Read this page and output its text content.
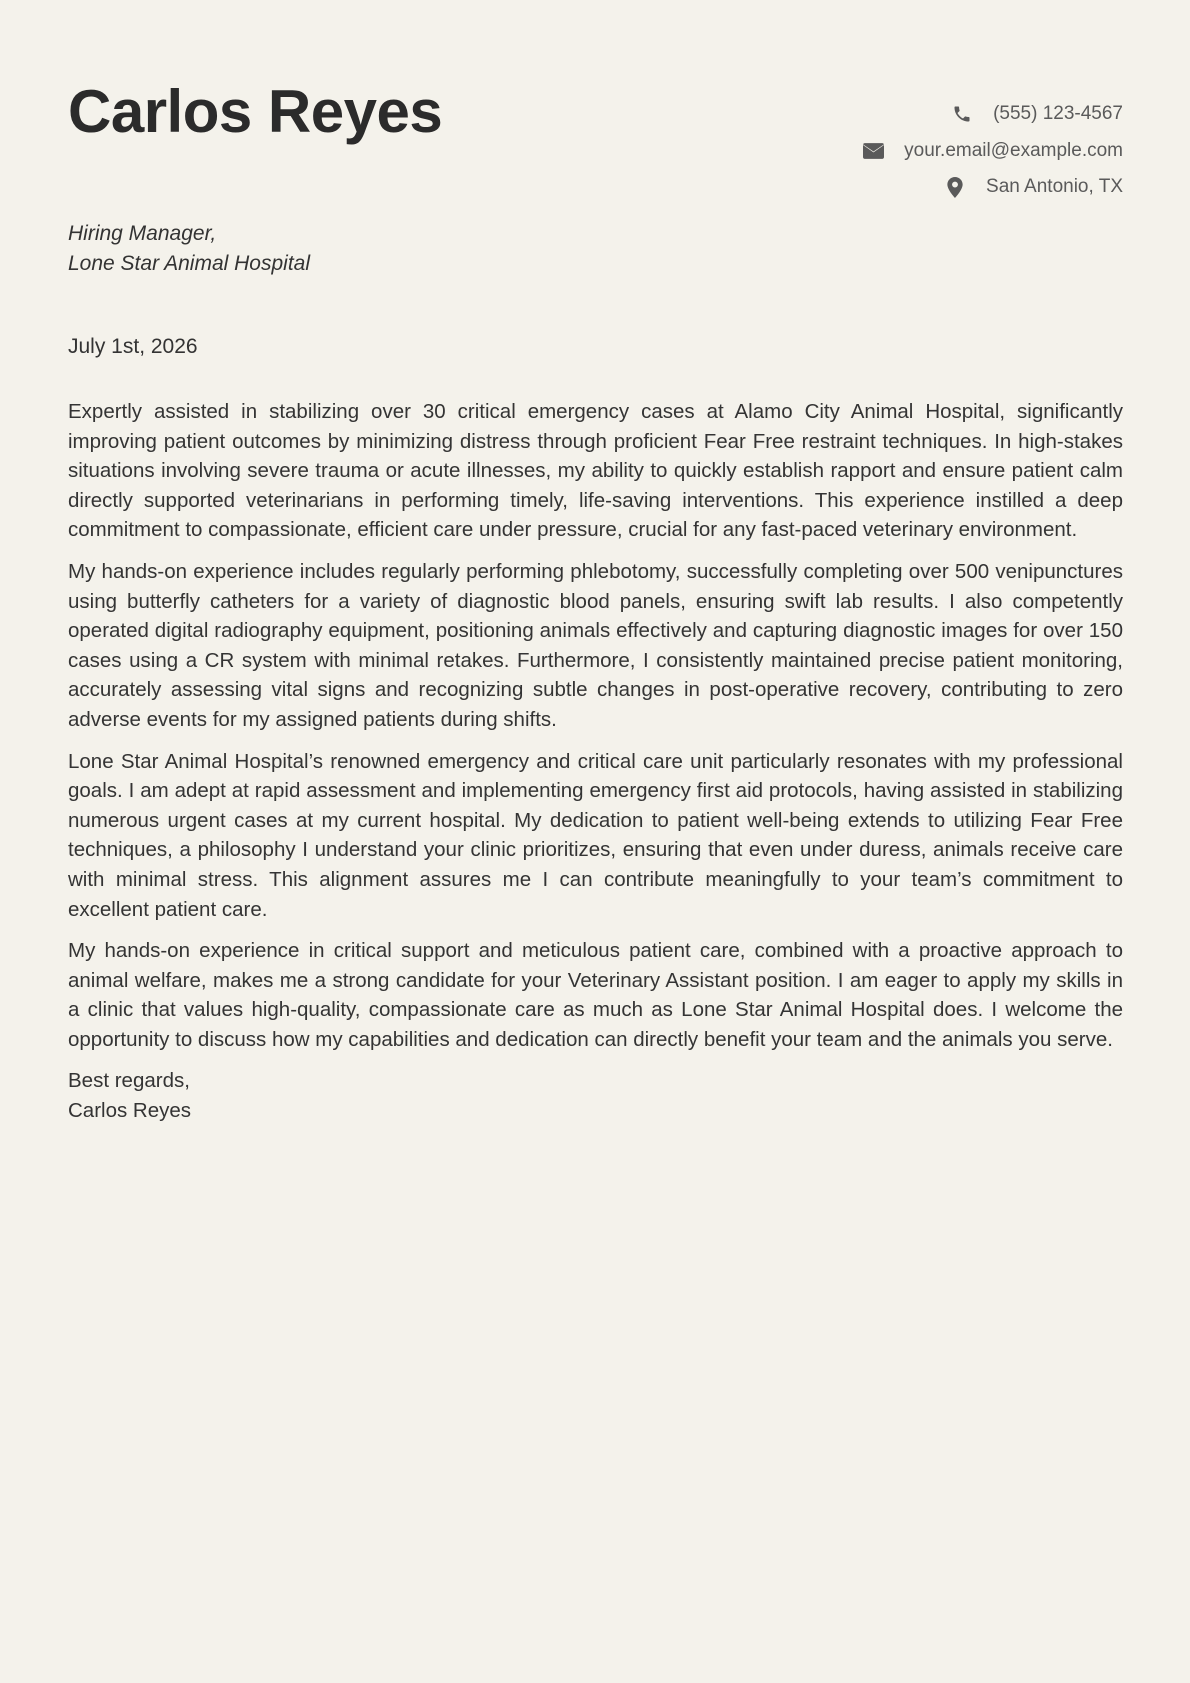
Carlos Reyes	(555) 123-4567
your.email@example.com
San Antonio, TX
Hiring Manager,
Lone Star Animal Hospital
July 1st, 2026

Expertly assisted in stabilizing over 30 critical emergency cases at Alamo City Animal Hospital, significantly improving patient outcomes by minimizing distress through proficient Fear Free restraint techniques. In high-stakes situations involving severe trauma or acute illnesses, my ability to quickly establish rapport and ensure patient calm directly supported veterinarians in performing timely, life-saving interventions. This experience instilled a deep commitment to compassionate, efficient care under pressure, crucial for any fast-paced veterinary environment.

My hands-on experience includes regularly performing phlebotomy, successfully completing over 500 venipunctures using butterfly catheters for a variety of diagnostic blood panels, ensuring swift lab results. I also competently operated digital radiography equipment, positioning animals effectively and capturing diagnostic images for over 150 cases using a CR system with minimal retakes. Furthermore, I consistently maintained precise patient monitoring, accurately assessing vital signs and recognizing subtle changes in post-operative recovery, contributing to zero adverse events for my assigned patients during shifts.

Lone Star Animal Hospital’s renowned emergency and critical care unit particularly resonates with my professional goals. I am adept at rapid assessment and implementing emergency first aid protocols, having assisted in stabilizing numerous urgent cases at my current hospital. My dedication to patient well-being extends to utilizing Fear Free techniques, a philosophy I understand your clinic prioritizes, ensuring that even under duress, animals receive care with minimal stress. This alignment assures me I can contribute meaningfully to your team’s commitment to excellent patient care.

My hands-on experience in critical support and meticulous patient care, combined with a proactive approach to animal welfare, makes me a strong candidate for your Veterinary Assistant position. I am eager to apply my skills in a clinic that values high-quality, compassionate care as much as Lone Star Animal Hospital does. I welcome the opportunity to discuss how my capabilities and dedication can directly benefit your team and the animals you serve.

Best regards,
Carlos Reyes
